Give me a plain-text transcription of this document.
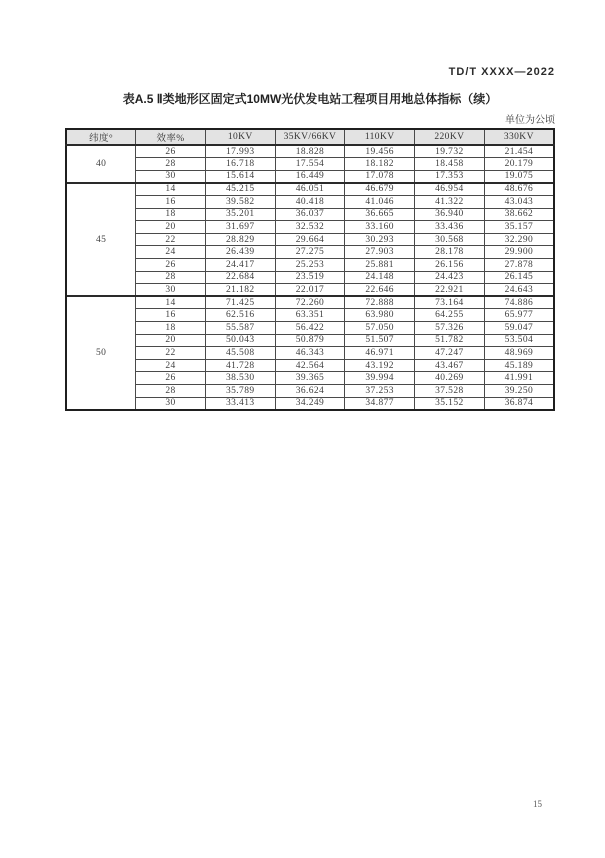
TD/T XXXX—2022
表A.5 Ⅱ类地形区固定式10MW光伏发电站工程项目用地总体指标（续）
单位为公顷
纬度°	效率%	10KV	35KV/66KV	110KV	220KV	330KV
40	26	17.993	18.828	19.456	19.732	21.454
	28	16.718	17.554	18.182	18.458	20.179
	30	15.614	16.449	17.078	17.353	19.075
45	14	45.215	46.051	46.679	46.954	48.676
	16	39.582	40.418	41.046	41.322	43.043
	18	35.201	36.037	36.665	36.940	38.662
	20	31.697	32.532	33.160	33.436	35.157
	22	28.829	29.664	30.293	30.568	32.290
	24	26.439	27.275	27.903	28.178	29.900
	26	24.417	25.253	25.881	26.156	27.878
	28	22.684	23.519	24.148	24.423	26.145
	30	21.182	22.017	22.646	22.921	24.643
50	14	71.425	72.260	72.888	73.164	74.886
	16	62.516	63.351	63.980	64.255	65.977
	18	55.587	56.422	57.050	57.326	59.047
	20	50.043	50.879	51.507	51.782	53.504
	22	45.508	46.343	46.971	47.247	48.969
	24	41.728	42.564	43.192	43.467	45.189
	26	38.530	39.365	39.994	40.269	41.991
	28	35.789	36.624	37.253	37.528	39.250
	30	33.413	34.249	34.877	35.152	36.874
15
